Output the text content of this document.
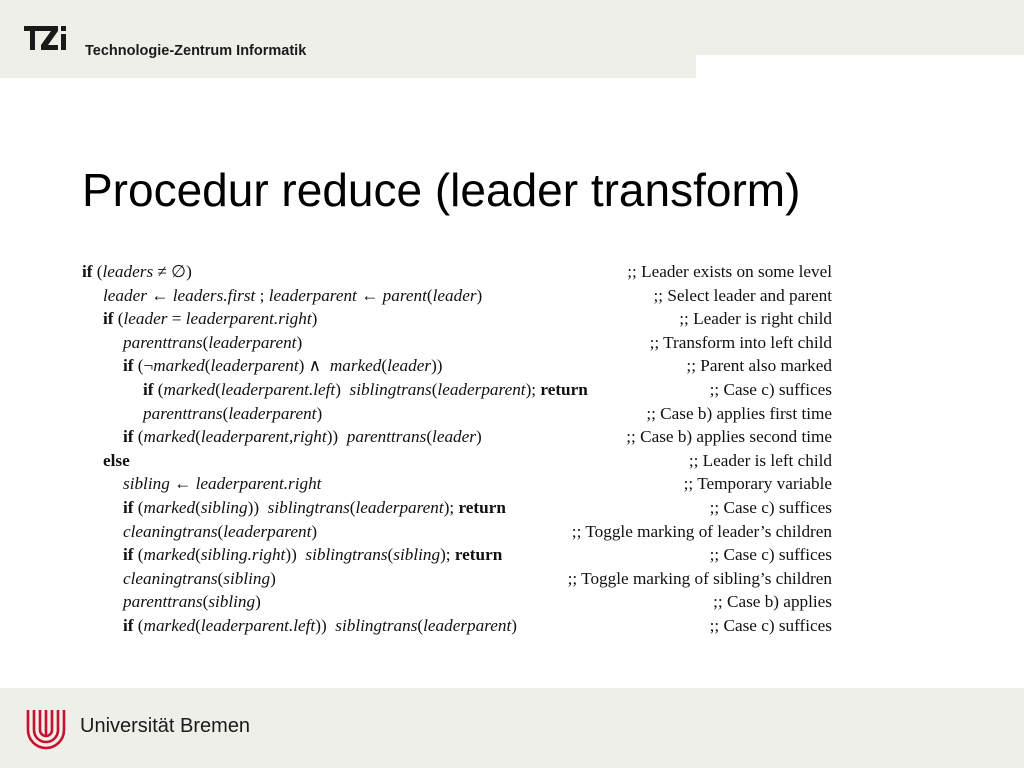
Technologie-Zentrum Informatik
Procedur reduce (leader transform)
if (leaders ≠ ∅)	;; Leader exists on some level
leader ← leaders.first ; leaderparent ← parent(leader)	;; Select leader and parent
if (leader = leaderparent.right)	;; Leader is right child
parenttrans(leaderparent)	;; Transform into left child
if (¬marked(leaderparent) ∧  marked(leader))	;; Parent also marked
if (marked(leaderparent.left)  siblingtrans(leaderparent); return	;; Case c) suffices
parenttrans(leaderparent)	;; Case b) applies first time
if (marked(leaderparent,right))  parenttrans(leader)	;; Case b) applies second time
else	;; Leader is left child
sibling ← leaderparent.right	;; Temporary variable
if (marked(sibling))  siblingtrans(leaderparent); return	;; Case c) suffices
cleaningtrans(leaderparent)	;; Toggle marking of leader’s children
if (marked(sibling.right))  siblingtrans(sibling); return	;; Case c) suffices
cleaningtrans(sibling)	;; Toggle marking of sibling’s children
parenttrans(sibling)	;; Case b) applies
if (marked(leaderparent.left))  siblingtrans(leaderparent)	;; Case c) suffices
Universität Bremen
